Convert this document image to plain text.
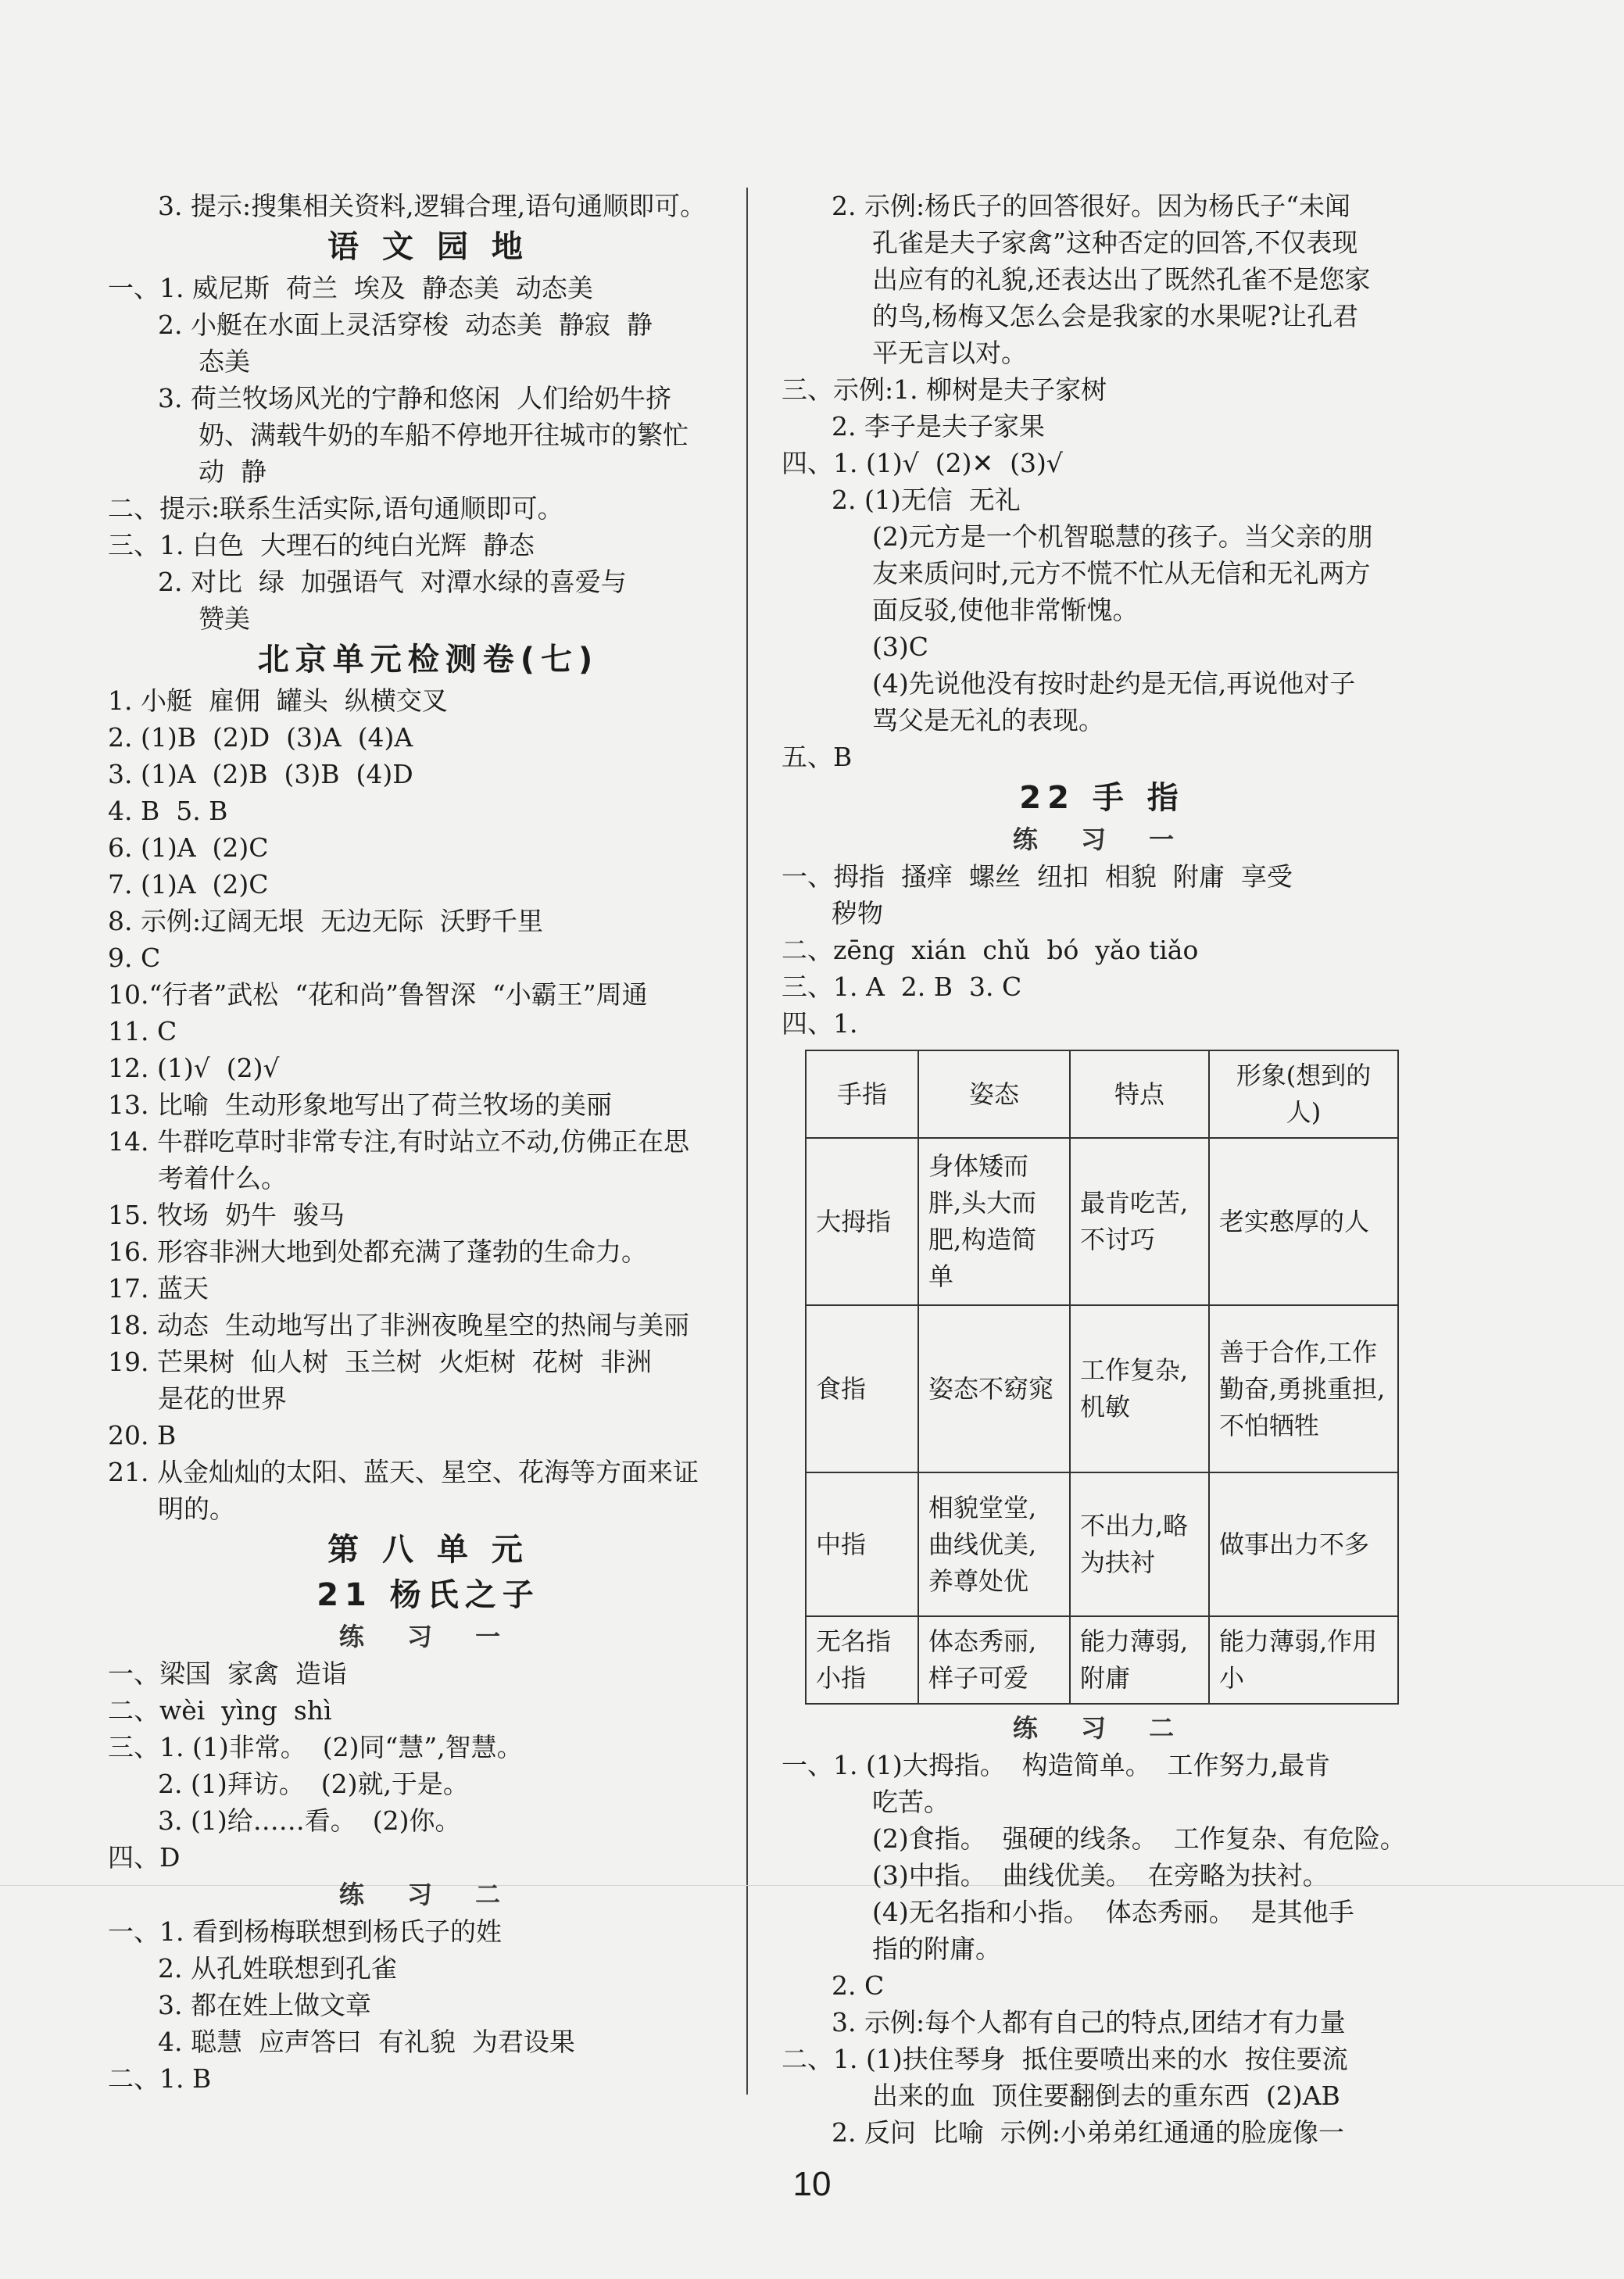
3. 提示:搜集相关资料,逻辑合理,语句通顺即可。
语 文 园 地
一、1. 威尼斯  荷兰  埃及  静态美  动态美
2. 小艇在水面上灵活穿梭  动态美  静寂  静
态美
3. 荷兰牧场风光的宁静和悠闲  人们给奶牛挤
奶、满载牛奶的车船不停地开往城市的繁忙
动  静
二、提示:联系生活实际,语句通顺即可。
三、1. 白色  大理石的纯白光辉  静态
2. 对比  绿  加强语气  对潭水绿的喜爱与
赞美
北京单元检测卷(七)
1. 小艇  雇佣  罐头  纵横交叉
2. (1)B  (2)D  (3)A  (4)A
3. (1)A  (2)B  (3)B  (4)D
4. B  5. B
6. (1)A  (2)C
7. (1)A  (2)C
8. 示例:辽阔无垠  无边无际  沃野千里
9. C
10.“行者”武松  “花和尚”鲁智深  “小霸王”周通
11. C
12. (1)√  (2)√
13. 比喻  生动形象地写出了荷兰牧场的美丽
14. 牛群吃草时非常专注,有时站立不动,仿佛正在思
考着什么。
15. 牧场  奶牛  骏马
16. 形容非洲大地到处都充满了蓬勃的生命力。
17. 蓝天
18. 动态  生动地写出了非洲夜晚星空的热闹与美丽
19. 芒果树  仙人树  玉兰树  火炬树  花树  非洲
是花的世界
20. B
21. 从金灿灿的太阳、蓝天、星空、花海等方面来证
明的。
第 八 单 元
21 杨氏之子
练 习 一
一、梁国  家禽  造诣
二、wèi  yìng  shì
三、1. (1)非常。  (2)同“慧”,智慧。
2. (1)拜访。  (2)就,于是。
3. (1)给……看。  (2)你。
四、D
练 习 二
一、1. 看到杨梅联想到杨氏子的姓
2. 从孔姓联想到孔雀
3. 都在姓上做文章
4. 聪慧  应声答曰  有礼貌  为君设果
二、1. B
2. 示例:杨氏子的回答很好。因为杨氏子“未闻
孔雀是夫子家禽”这种否定的回答,不仅表现
出应有的礼貌,还表达出了既然孔雀不是您家
的鸟,杨梅又怎么会是我家的水果呢?让孔君
平无言以对。
三、示例:1. 柳树是夫子家树
2. 李子是夫子家果
四、1. (1)√  (2)✕  (3)√
2. (1)无信  无礼
(2)元方是一个机智聪慧的孩子。当父亲的朋
友来质问时,元方不慌不忙从无信和无礼两方
面反驳,使他非常惭愧。
(3)C
(4)先说他没有按时赴约是无信,再说他对子
骂父是无礼的表现。
五、B
22 手 指
练 习 一
一、拇指  搔痒  螺丝  纽扣  相貌  附庸  享受
秽物
二、zēng  xián  chǔ  bó  yǎo tiǎo
三、1. A  2. B  3. C
四、1.
手指	姿态	特点	形象(想到的人)
大拇指	身体矮而胖,头大而肥,构造简单	最肯吃苦,不讨巧	老实憨厚的人
食指	姿态不窈窕	工作复杂,机敏	善于合作,工作勤奋,勇挑重担,不怕牺牲
中指	相貌堂堂,曲线优美,养尊处优	不出力,略为扶衬	做事出力不多
无名指 小指	体态秀丽,样子可爱	能力薄弱,附庸	能力薄弱,作用小
练 习 二
一、1. (1)大拇指。  构造简单。  工作努力,最肯
吃苦。
(2)食指。  强硬的线条。  工作复杂、有危险。
(3)中指。  曲线优美。  在旁略为扶衬。
(4)无名指和小指。  体态秀丽。  是其他手
指的附庸。
2. C
3. 示例:每个人都有自己的特点,团结才有力量
二、1. (1)扶住琴身  抵住要喷出来的水  按住要流
出来的血  顶住要翻倒去的重东西  (2)AB
2. 反问  比喻  示例:小弟弟红通通的脸庞像一
10
